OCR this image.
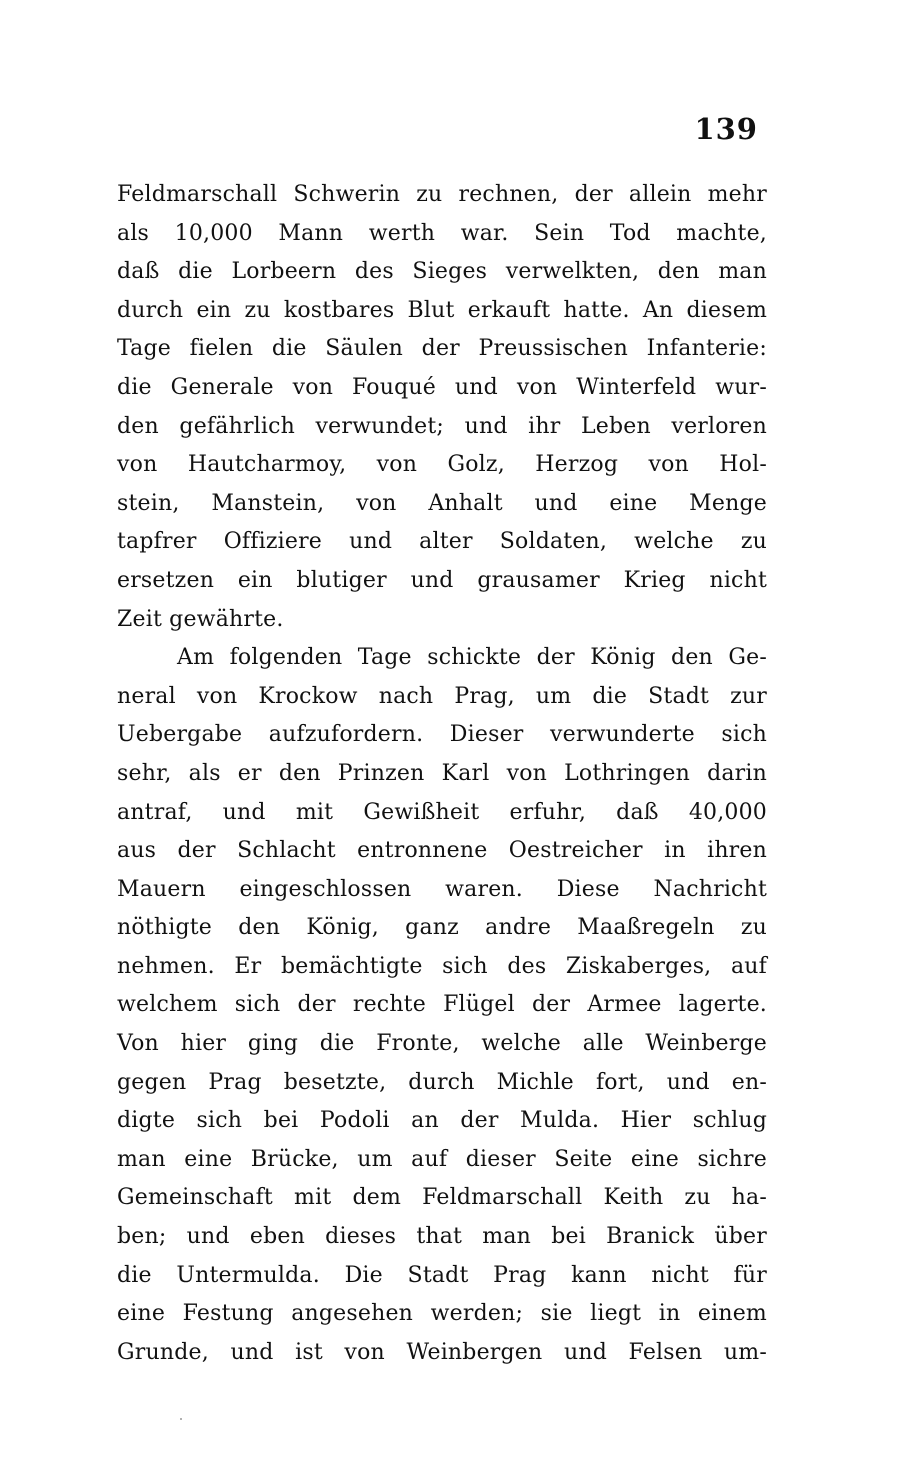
139
Feldmarschall Schwerin zu rechnen, der allein mehr
als 10,000 Mann werth war. Sein Tod machte,
daß die Lorbeern des Sieges verwelkten, den man
durch ein zu kostbares Blut erkauft hatte. An diesem
Tage fielen die Säulen der Preussischen Infanterie:
die Generale von Fouqué und von Winterfeld wur-
den gefährlich verwundet; und ihr Leben verloren
von Hautcharmoy, von Golz, Herzog von Hol-
stein, Manstein, von Anhalt und eine Menge
tapfrer Offiziere und alter Soldaten, welche zu
ersetzen ein blutiger und grausamer Krieg nicht
Zeit gewährte.
Am folgenden Tage schickte der König den Ge-
neral von Krockow nach Prag, um die Stadt zur
Uebergabe aufzufordern. Dieser verwunderte sich
sehr, als er den Prinzen Karl von Lothringen darin
antraf, und mit Gewißheit erfuhr, daß 40,000
aus der Schlacht entronnene Oestreicher in ihren
Mauern eingeschlossen waren. Diese Nachricht
nöthigte den König, ganz andre Maaßregeln zu
nehmen. Er bemächtigte sich des Ziskaberges, auf
welchem sich der rechte Flügel der Armee lagerte.
Von hier ging die Fronte, welche alle Weinberge
gegen Prag besetzte, durch Michle fort, und en-
digte sich bei Podoli an der Mulda. Hier schlug
man eine Brücke, um auf dieser Seite eine sichre
Gemeinschaft mit dem Feldmarschall Keith zu ha-
ben; und eben dieses that man bei Branick über
die Untermulda. Die Stadt Prag kann nicht für
eine Festung angesehen werden; sie liegt in einem
Grunde, und ist von Weinbergen und Felsen um-
